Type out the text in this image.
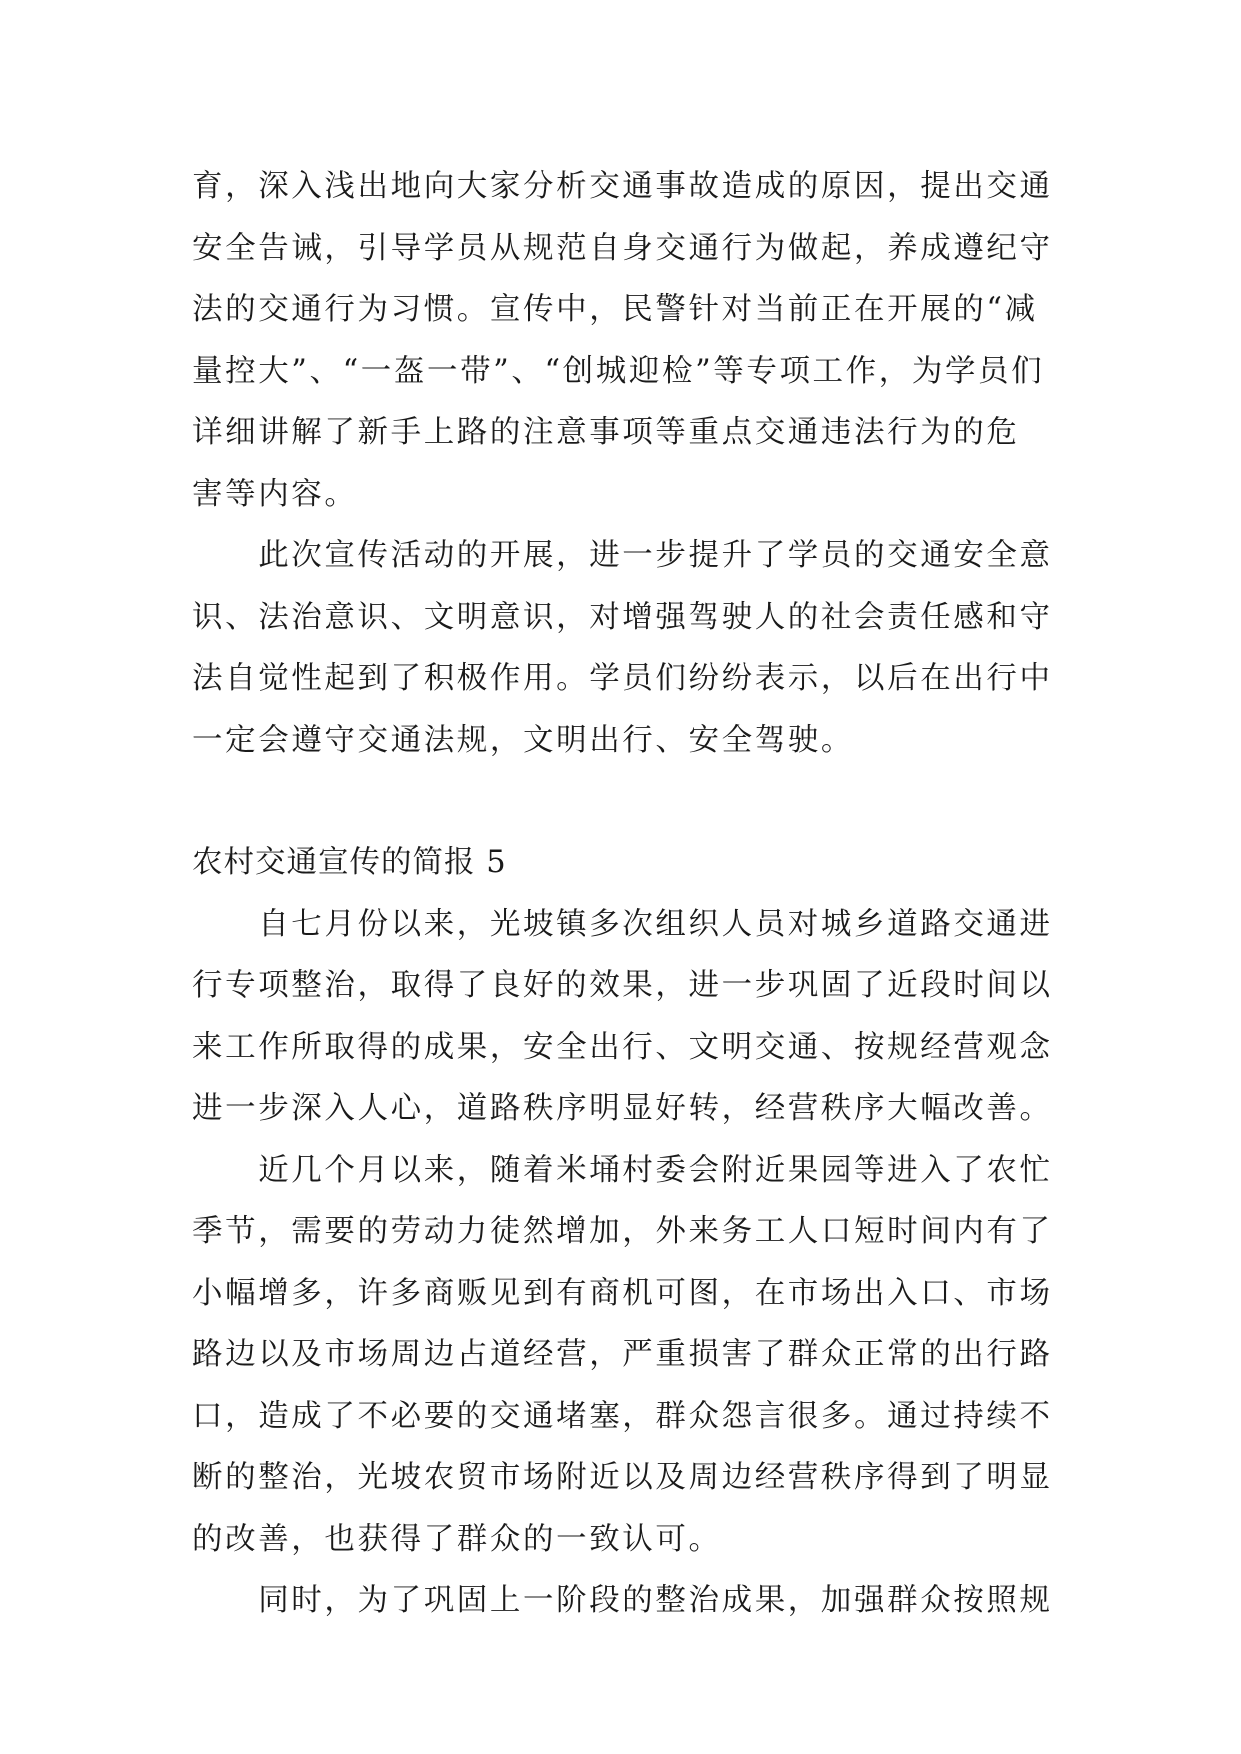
育，深入浅出地向大家分析交通事故造成的原因，提出交通
安全告诫，引导学员从规范自身交通行为做起，养成遵纪守
法的交通行为习惯。宣传中，民警针对当前正在开展的“减
量控大”、“一盔一带”、“创城迎检”等专项工作，为学员们
详细讲解了新手上路的注意事项等重点交通违法行为的危
害等内容。
　　此次宣传活动的开展，进一步提升了学员的交通安全意
识、法治意识、文明意识，对增强驾驶人的社会责任感和守
法自觉性起到了积极作用。学员们纷纷表示，以后在出行中
一定会遵守交通法规，文明出行、安全驾驶。
农村交通宣传的简报 5
　　自七月份以来，光坡镇多次组织人员对城乡道路交通进
行专项整治，取得了良好的效果，进一步巩固了近段时间以
来工作所取得的成果，安全出行、文明交通、按规经营观念
进一步深入人心，道路秩序明显好转，经营秩序大幅改善。
　　近几个月以来，随着米埇村委会附近果园等进入了农忙
季节，需要的劳动力徒然增加，外来务工人口短时间内有了
小幅增多，许多商贩见到有商机可图，在市场出入口、市场
路边以及市场周边占道经营，严重损害了群众正常的出行路
口，造成了不必要的交通堵塞，群众怨言很多。通过持续不
断的整治，光坡农贸市场附近以及周边经营秩序得到了明显
的改善，也获得了群众的一致认可。
　　同时，为了巩固上一阶段的整治成果，加强群众按照规
